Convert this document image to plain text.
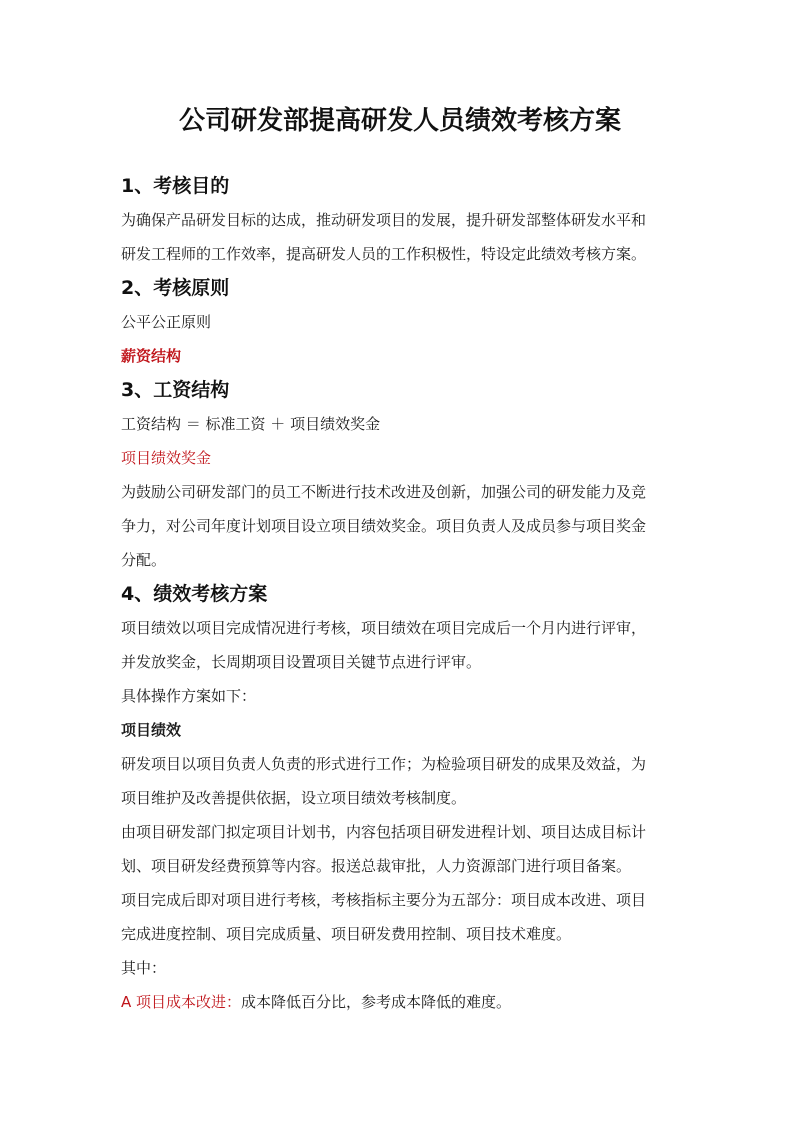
公司研发部提高研发人员绩效考核方案

1、考核目的

为确保产品研发目标的达成，推动研发项目的发展，提升研发部整体研发水平和

研发工程师的工作效率，提高研发人员的工作积极性，特设定此绩效考核方案。

2、考核原则

公平公正原则

薪资结构

3、工资结构

工资结构 ＝ 标准工资 ＋ 项目绩效奖金

项目绩效奖金

为鼓励公司研发部门的员工不断进行技术改进及创新，加强公司的研发能力及竞

争力，对公司年度计划项目设立项目绩效奖金。项目负责人及成员参与项目奖金

分配。

4、绩效考核方案

项目绩效以项目完成情况进行考核，项目绩效在项目完成后一个月内进行评审，

并发放奖金，长周期项目设置项目关键节点进行评审。

具体操作方案如下：

项目绩效

研发项目以项目负责人负责的形式进行工作；为检验项目研发的成果及效益，为

项目维护及改善提供依据，设立项目绩效考核制度。

由项目研发部门拟定项目计划书，内容包括项目研发进程计划、项目达成目标计

划、项目研发经费预算等内容。报送总裁审批，人力资源部门进行项目备案。

项目完成后即对项目进行考核，考核指标主要分为五部分：项目成本改进、项目

完成进度控制、项目完成质量、项目研发费用控制、项目技术难度。

其中：

A 项目成本改进：成本降低百分比，参考成本降低的难度。
